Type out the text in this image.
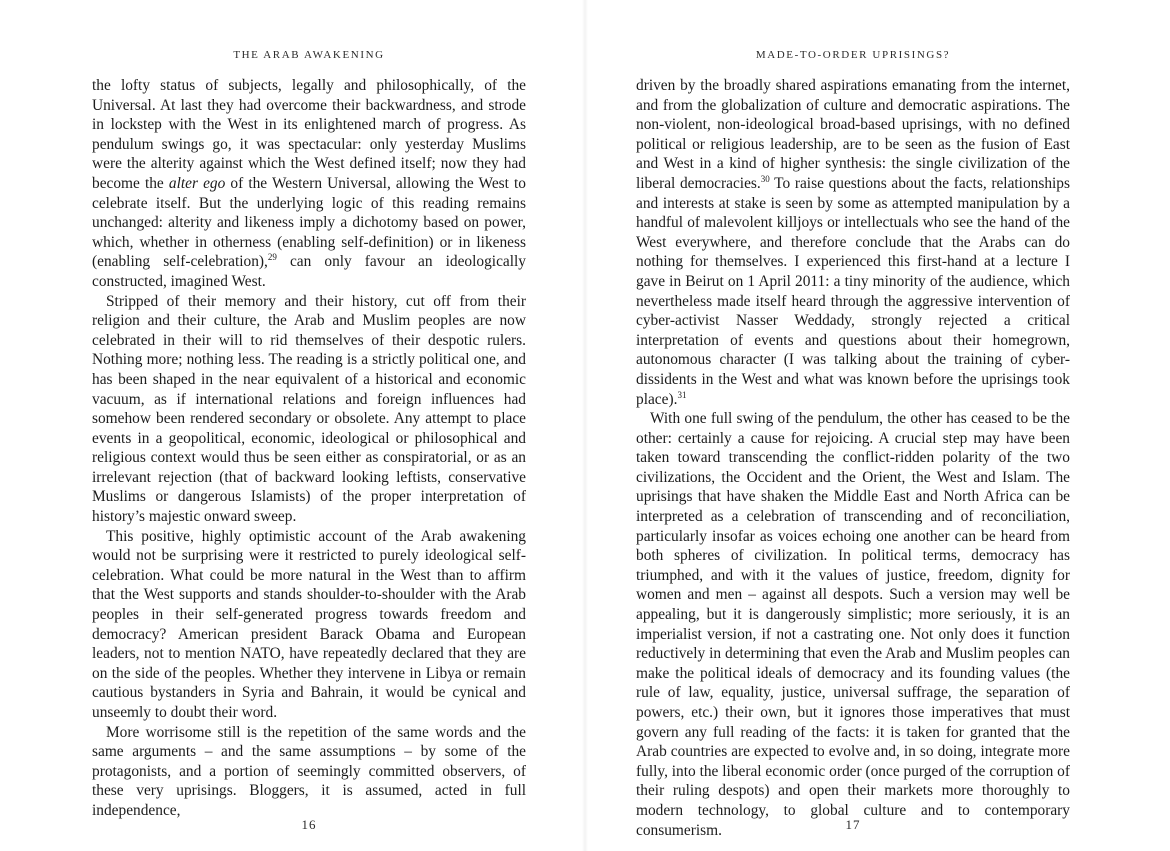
THE ARAB AWAKENING

the lofty status of subjects, legally and philosophically, of the Universal. At last they had overcome their backwardness, and strode in lockstep with the West in its enlightened march of progress. As pendulum swings go, it was spectacular: only yesterday Muslims were the alterity against which the West defined itself; now they had become the alter ego of the Western Universal, allowing the West to celebrate itself. But the underlying logic of this reading remains unchanged: alterity and likeness imply a dichotomy based on power, which, whether in otherness (enabling self-definition) or in likeness (enabling self-celebration),$^{29}$ can only favour an ideologically constructed, imagined West.

Stripped of their memory and their history, cut off from their religion and their culture, the Arab and Muslim peoples are now celebrated in their will to rid themselves of their despotic rulers. Nothing more; nothing less. The reading is a strictly political one, and has been shaped in the near equivalent of a historical and economic vacuum, as if international relations and foreign influences had somehow been rendered secondary or obsolete. Any attempt to place events in a geopolitical, economic, ideological or philosophical and religious context would thus be seen either as conspiratorial, or as an irrelevant rejection (that of backward looking leftists, conservative Muslims or dangerous Islamists) of the proper interpretation of history’s majestic onward sweep.

This positive, highly optimistic account of the Arab awakening would not be surprising were it restricted to purely ideological self-celebration. What could be more natural in the West than to affirm that the West supports and stands shoulder-to-shoulder with the Arab peoples in their self-generated progress towards freedom and democracy? American president Barack Obama and European leaders, not to mention NATO, have repeatedly declared that they are on the side of the peoples. Whether they intervene in Libya or remain cautious bystanders in Syria and Bahrain, it would be cynical and unseemly to doubt their word.

More worrisome still is the repetition of the same words and the same arguments – and the same assumptions – by some of the protagonists, and a portion of seemingly committed observers, of these very uprisings. Bloggers, it is assumed, acted in full independence,

16
MADE-TO-ORDER UPRISINGS?

driven by the broadly shared aspirations emanating from the internet, and from the globalization of culture and democratic aspirations. The non-violent, non-ideological broad-based uprisings, with no defined political or religious leadership, are to be seen as the fusion of East and West in a kind of higher synthesis: the single civilization of the liberal democracies.$^{30}$ To raise questions about the facts, relationships and interests at stake is seen by some as attempted manipulation by a handful of malevolent killjoys or intellectuals who see the hand of the West everywhere, and therefore conclude that the Arabs can do nothing for themselves. I experienced this first-hand at a lecture I gave in Beirut on 1 April 2011: a tiny minority of the audience, which nevertheless made itself heard through the aggressive intervention of cyber-activist Nasser Weddady, strongly rejected a critical interpretation of events and questions about their homegrown, autonomous character (I was talking about the training of cyber-dissidents in the West and what was known before the uprisings took place).$^{31}$

With one full swing of the pendulum, the other has ceased to be the other: certainly a cause for rejoicing. A crucial step may have been taken toward transcending the conflict-ridden polarity of the two civilizations, the Occident and the Orient, the West and Islam. The uprisings that have shaken the Middle East and North Africa can be interpreted as a celebration of transcending and of reconciliation, particularly insofar as voices echoing one another can be heard from both spheres of civilization. In political terms, democracy has triumphed, and with it the values of justice, freedom, dignity for women and men – against all despots. Such a version may well be appealing, but it is dangerously simplistic; more seriously, it is an imperialist version, if not a castrating one. Not only does it function reductively in determining that even the Arab and Muslim peoples can make the political ideals of democracy and its founding values (the rule of law, equality, justice, universal suffrage, the separation of powers, etc.) their own, but it ignores those imperatives that must govern any full reading of the facts: it is taken for granted that the Arab countries are expected to evolve and, in so doing, integrate more fully, into the liberal economic order (once purged of the corruption of their ruling despots) and open their markets more thoroughly to modern technology, to global culture and to contemporary consumerism.	17
